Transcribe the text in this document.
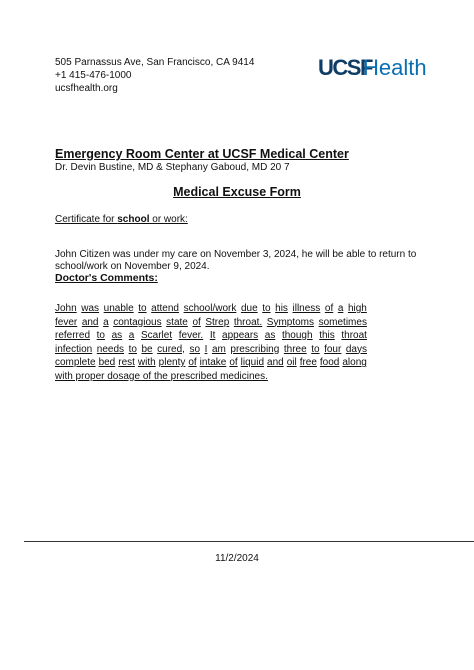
505 Parnassus Ave, San Francisco, CA 9414
+1 415-476-1000
ucsfhealth.org
UCSF
Health
Emergency Room Center at UCSF Medical Center
Dr. Devin Bustine, MD & Stephany Gaboud, MD 20 7
Medical Excuse Form
Certificate for school or work:
John Citizen was under my care on November 3, 2024, he will be able to return to
school/work on November 9, 2024.
Doctor's Comments:
John was unable to attend school/work due to his illness of a high
fever and a contagious state of Strep throat. Symptoms sometimes
referred to as a Scarlet fever. It appears as though this throat
infection needs to be cured, so I am prescribing three to four days
complete bed rest with plenty of intake of liquid and oil free food along
with proper dosage of the prescribed medicines.
11/2/2024
